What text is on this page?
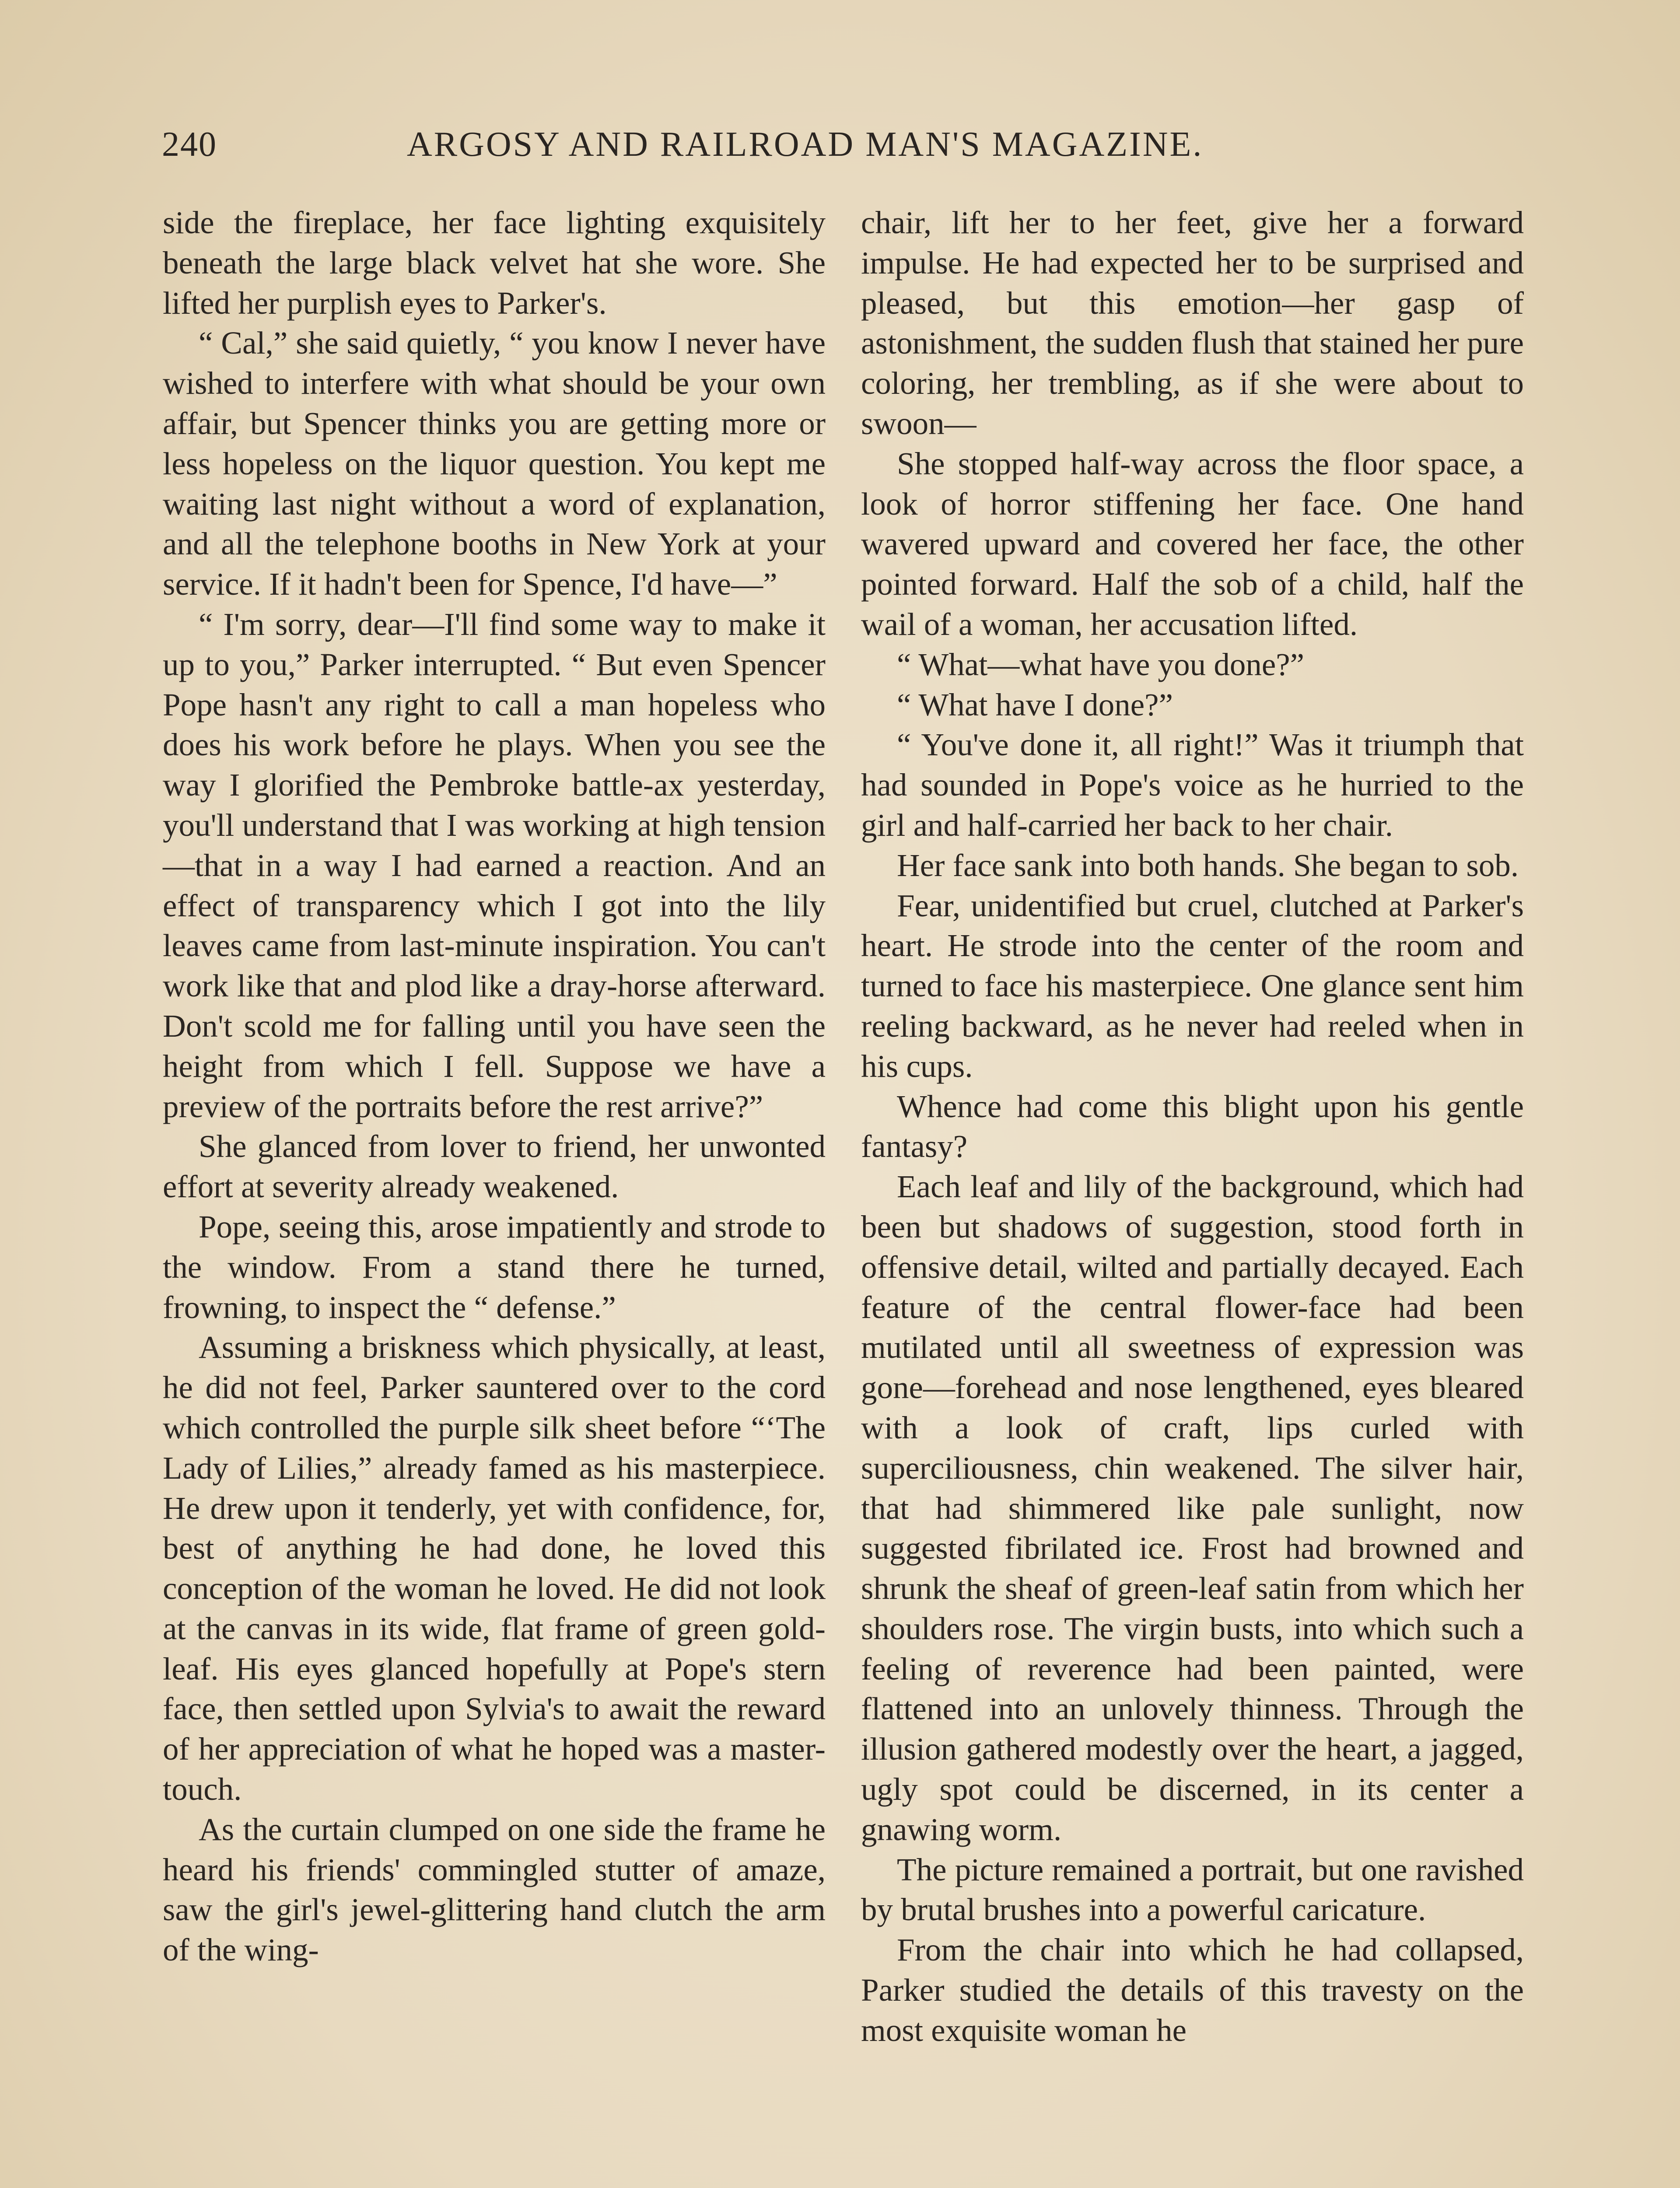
240	ARGOSY AND RAILROAD MAN'S MAGAZINE.

side the fireplace, her face lighting exquisitely beneath the large black velvet hat she wore. She lifted her purplish eyes to Parker's.

“ Cal,” she said quietly, “ you know I never have wished to interfere with what should be your own affair, but Spencer thinks you are getting more or less hopeless on the liquor question. You kept me waiting last night without a word of explanation, and all the telephone booths in New York at your service. If it hadn't been for Spence, I'd have—”

“ I'm sorry, dear—I'll find some way to make it up to you,” Parker interrupted. “ But even Spencer Pope hasn't any right to call a man hopeless who does his work before he plays. When you see the way I glorified the Pembroke battle-ax yesterday, you'll understand that I was working at high tension—that in a way I had earned a reaction. And an effect of transparency which I got into the lily leaves came from last-minute inspiration. You can't work like that and plod like a dray-horse afterward. Don't scold me for falling until you have seen the height from which I fell. Suppose we have a preview of the portraits before the rest arrive?”

She glanced from lover to friend, her unwonted effort at severity already weakened.

Pope, seeing this, arose impatiently and strode to the window. From a stand there he turned, frowning, to inspect the “ defense.”

Assuming a briskness which physically, at least, he did not feel, Parker sauntered over to the cord which controlled the purple silk sheet before “‘The Lady of Lilies,” already famed as his masterpiece. He drew upon it tenderly, yet with confidence, for, best of anything he had done, he loved this conception of the woman he loved. He did not look at the canvas in its wide, flat frame of green gold-leaf. His eyes glanced hopefully at Pope's stern face, then settled upon Sylvia's to await the reward of her appreciation of what he hoped was a master-touch.

As the curtain clumped on one side the frame he heard his friends' commingled stutter of amaze, saw the girl's jewel-glittering hand clutch the arm of the wing-

chair, lift her to her feet, give her a forward impulse. He had expected her to be surprised and pleased, but this emotion—her gasp of astonishment, the sudden flush that stained her pure coloring, her trembling, as if she were about to swoon—

She stopped half-way across the floor space, a look of horror stiffening her face. One hand wavered upward and covered her face, the other pointed forward. Half the sob of a child, half the wail of a woman, her accusation lifted.

“ What—what have you done?”

“ What have I done?”

“ You've done it, all right!” Was it triumph that had sounded in Pope's voice as he hurried to the girl and half-carried her back to her chair.

Her face sank into both hands. She began to sob.

Fear, unidentified but cruel, clutched at Parker's heart. He strode into the center of the room and turned to face his masterpiece. One glance sent him reeling backward, as he never had reeled when in his cups.

Whence had come this blight upon his gentle fantasy?

Each leaf and lily of the background, which had been but shadows of suggestion, stood forth in offensive detail, wilted and partially decayed. Each feature of the central flower-face had been mutilated until all sweetness of expression was gone—forehead and nose lengthened, eyes bleared with a look of craft, lips curled with superciliousness, chin weakened. The silver hair, that had shimmered like pale sunlight, now suggested fibrilated ice. Frost had browned and shrunk the sheaf of green-leaf satin from which her shoulders rose. The virgin busts, into which such a feeling of reverence had been painted, were flattened into an unlovely thinness. Through the illusion gathered modestly over the heart, a jagged, ugly spot could be discerned, in its center a gnawing worm.

The picture remained a portrait, but one ravished by brutal brushes into a powerful caricature.

From the chair into which he had collapsed, Parker studied the details of this travesty on the most exquisite woman he
